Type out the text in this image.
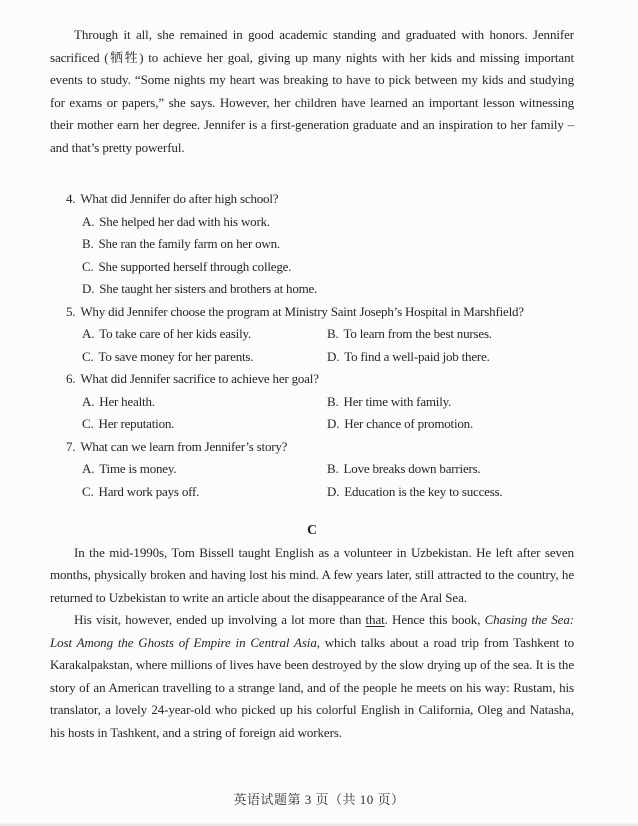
Through it all, she remained in good academic standing and graduated with honors. Jennifer sacrificed (牺牲) to achieve her goal, giving up many nights with her kids and missing important events to study. “Some nights my heart was breaking to have to pick between my kids and studying for exams or papers,” she says. However, her children have learned an important lesson witnessing their mother earn her degree. Jennifer is a first-generation graduate and an inspiration to her family – and that’s pretty powerful.

4. What did Jennifer do after high school?
A. She helped her dad with his work.
B. She ran the family farm on her own.
C. She supported herself through college.
D. She taught her sisters and brothers at home.
5. Why did Jennifer choose the program at Ministry Saint Joseph’s Hospital in Marshfield?
A. To take care of her kids easily.	B. To learn from the best nurses.
C. To save money for her parents.	D. To find a well-paid job there.
6. What did Jennifer sacrifice to achieve her goal?
A. Her health.	B. Her time with family.
C. Her reputation.	D. Her chance of promotion.
7. What can we learn from Jennifer’s story?
A. Time is money.	B. Love breaks down barriers.
C. Hard work pays off.	D. Education is the key to success.
C

In the mid-1990s, Tom Bissell taught English as a volunteer in Uzbekistan. He left after seven months, physically broken and having lost his mind. A few years later, still attracted to the country, he returned to Uzbekistan to write an article about the disappearance of the Aral Sea.

His visit, however, ended up involving a lot more than that. Hence this book, Chasing the Sea: Lost Among the Ghosts of Empire in Central Asia, which talks about a road trip from Tashkent to Karakalpakstan, where millions of lives have been destroyed by the slow drying up of the sea. It is the story of an American travelling to a strange land, and of the people he meets on his way: Rustam, his translator, a lovely 24-year-old who picked up his colorful English in California, Oleg and Natasha, his hosts in Tashkent, and a string of foreign aid workers.

英语试题第 3 页（共 10 页）
